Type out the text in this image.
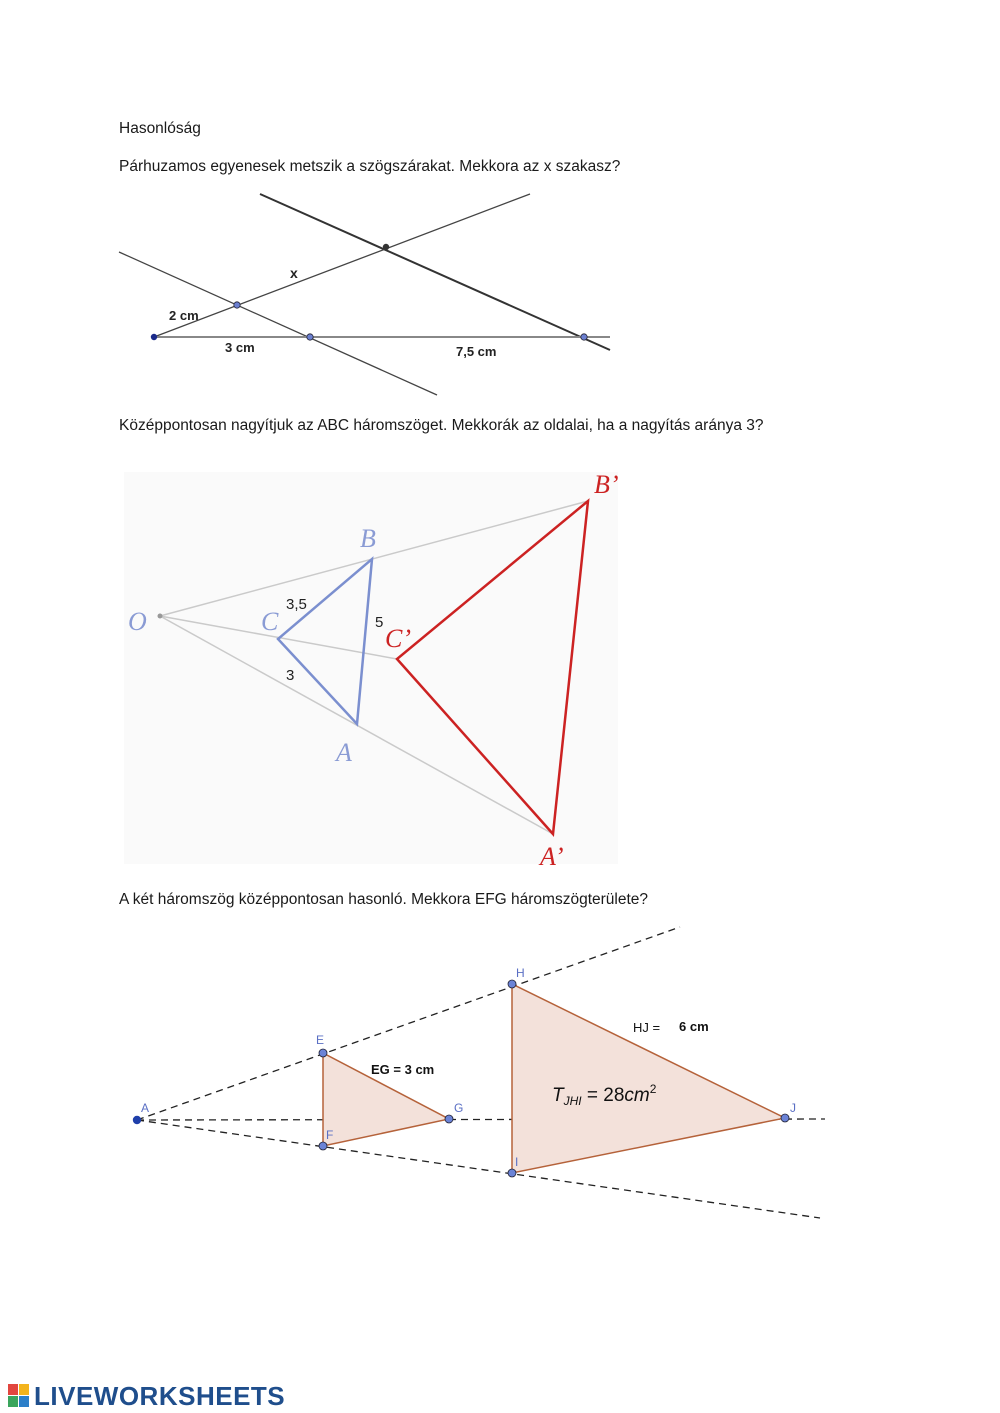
Hasonlóság
Párhuzamos egyenesek metszik a szögszárakat. Mekkora az x szakasz?
Középpontosan nagyítjuk az ABC háromszöget. Mekkorák az oldalai, ha a nagyítás aránya 3?
A két háromszög középpontosan hasonló. Mekkora EFG háromszögterülete?
x
2 cm
3 cm	7,5 cm
O
B
C
A
B’
C’
A’
3,5
5
3
A
E
F
G
H
I
J
EG = 3 cm
HJ = 6 cm
$T_{JHI} = 28cm^2$
LIVEWORKSHEETS
